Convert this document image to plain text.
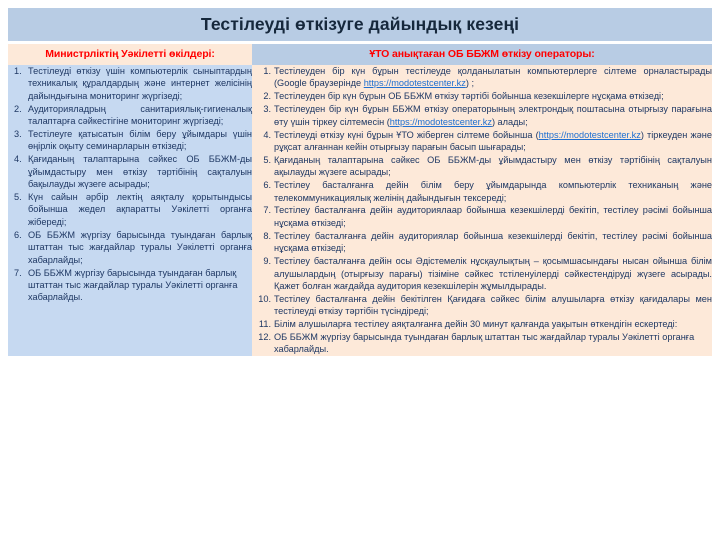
Тестілеуді өткізуге дайындық кезеңі
Министрліктің Уәкілетті өкілдері:	ҰТО анықтаған ОБ ББЖМ өткізу операторы:

Тестілеуді өткізу үшін компьютерлік сыныптардың техникалық құралдардың және интернет желісінің дайындығына мониторинг жүргізеді;
Аудиторияладрың санитариялық-гигиеналық талаптарға сәйкестігіне мониторинг жүргізеді;
Тестілеуге қатысатын білім беру ұйымдары үшін өңірлік оқыту семинарларын өткізеді;
Қағиданың талаптарына сәйкес ОБ ББЖМ-ды ұйымдастыру мен өткізу тәртібінің сақталуын бақылауды жүзеге асырады;
Күн сайын әрбір лектің аяқталу қорытындысы бойынша жедел ақпаратты Уәкілетті органға жібереді;
ОБ ББЖМ жүргізу барысында туындаған барлық штаттан тыс жағдайлар туралы Уәкілетті органға хабарлайды;
ОБ ББЖМ жүргізу барысында туындаған барлық штаттан тыс жағдайлар туралы Уәкілетті органға хабарлайды.

Тестілеуден бір күн бұрын тестілеуде қолданылатын компьютерлерге сілтеме орналастырады (Google браузерінде https://modotestcenter.kz) ;
Тестілеуден бір күн бұрын ОБ ББЖМ өткізу тәртібі бойынша кезекшілерге нұсқама өткізеді;
Тестілеуден бір күн бұрын ББЖМ өткізу операторының электрондық поштасына отырғызу парағына өту үшін тіркеу сілтемесін (https://modotestcenter.kz) алады;
Тестілеуді өткізу күні бұрын ҰТО жіберген сілтеме бойынша (https://modotestcenter.kz) тіркеуден және рұқсат алғаннан кейін отырғызу парағын басып шығарады;
Қағиданың талаптарына сәйкес ОБ ББЖМ-ды ұйымдастыру мен өткізу тәртібінің сақталуын ақылауды жүзеге асырады;
Тестілеу басталғанға дейін білім беру ұйымдарында компьютерлік техниканың және телекоммуникациялық желінің дайындығын тексереді;
Тестілеу басталғанға дейін аудиториялаар бойынша кезекшілерді бекітіп, тестілеу рәсімі бойынша нұсқама өткізеді;
Тестілеу басталғанға дейін аудиториялар бойынша кезекшілерді бекітіп, тестілеу рәсімі бойынша нұсқама өткізеді;
Тестілеу басталғанға дейін осы Әдістемелік нұсқаулықтың – қосымшасындағы нысан ойынша білім алушылардың (отырғызу парағы) тізіміне сәйкес тстіленуілерді сәйкестендіруді жүзеге асырады. Қажет болған жағдайда аудитория кезекшілерін жұмылдырады.
Тестілеу басталғанға дейін бекітілген Қағидаға сәйкес білім алушыларға өткізу қағидалары мен тестілеуді өткізу тәртібін түсіндіреді;
Білім алушыларға тестілеу аяқталғанға дейін 30 минут қалғанда уақытын өткендігін ескертеді:
ОБ ББЖМ жүргізу барысында туындаған барлық штаттан тыс жағдайлар туралы Уәкілетті органға хабарлайды.
